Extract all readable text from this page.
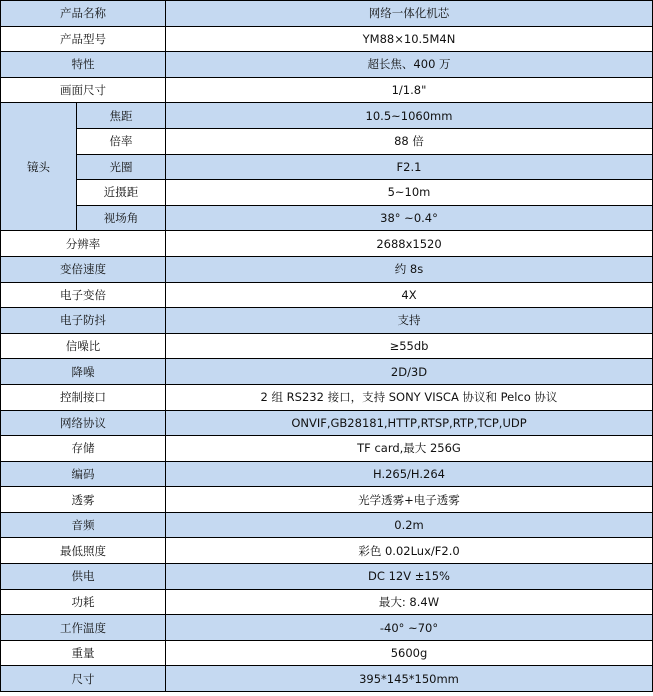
产品名称		网络一体化机芯
产品型号		YM88×10.5M4N
特性		超长焦、400 万
画面尺寸		1/1.8"
镜头	焦距	10.5~1060mm
	倍率	88 倍
	光圈	F2.1
	近摄距	5~10m
	视场角	38° ~0.4°
分辨率		2688x1520
变倍速度		约 8s
电子变倍		4X
电子防抖		支持
信噪比		≥55db
降噪		2D/3D
控制接口		2 组 RS232 接口，支持 SONY VISCA 协议和 Pelco 协议
网络协议		ONVIF,GB28181,HTTP,RTSP,RTP,TCP,UDP
存储		TF card,最大 256G
编码		H.265/H.264
透雾		光学透雾+电子透雾
音频		0.2m
最低照度		彩色 0.02Lux/F2.0
供电		DC 12V ±15%
功耗		最大: 8.4W
工作温度		-40° ~70°
重量		5600g
尺寸		395*145*150mm
